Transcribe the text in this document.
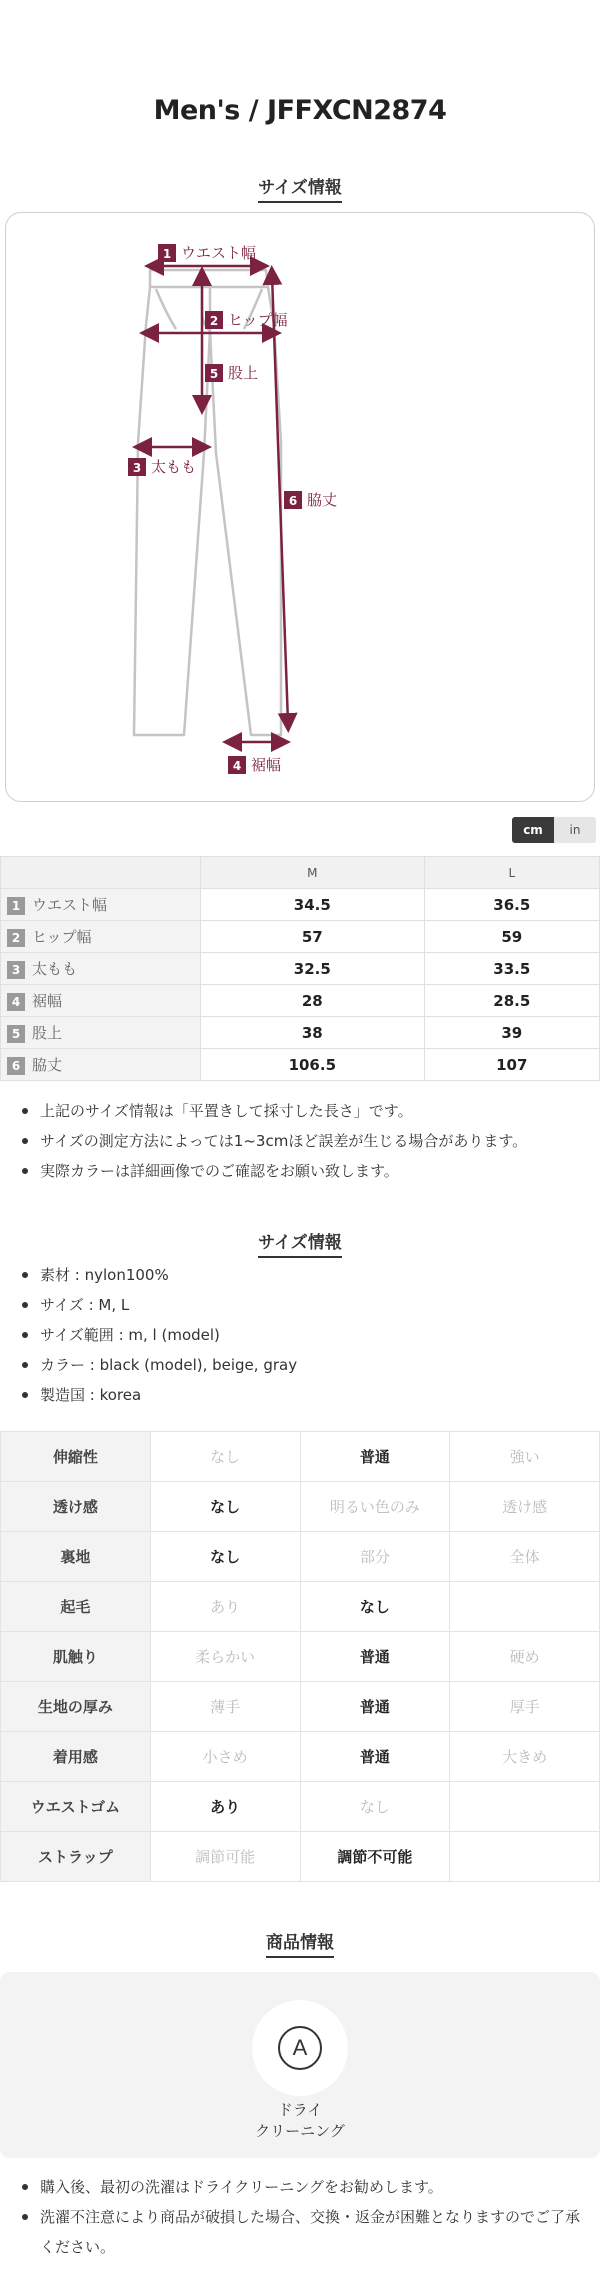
Men's / JFFXCN2874
サイズ情報
1 ウエスト幅
2 ヒップ幅
5 股上
3 太もも
6 脇丈
4 裾幅
cm	in
	M	L
1 ウエスト幅	34.5	36.5
2 ヒップ幅	57	59
3 太もも	32.5	33.5
4 裾幅	28	28.5
5 股上	38	39
6 脇丈	106.5	107
上記のサイズ情報は「平置きして採寸した長さ」です。
サイズの測定方法によっては1~3cmほど誤差が生じる場合があります。
実際カラーは詳細画像でのご確認をお願い致します。
サイズ情報
素材 : nylon100%
サイズ : M, L
サイズ範囲 : m, l (model)
カラー : black (model), beige, gray
製造国 : korea
伸縮性	なし	普通	強い
透け感	なし	明るい色のみ	透け感
裏地	なし	部分	全体
起毛	あり	なし	
肌触り	柔らかい	普通	硬め
生地の厚み	薄手	普通	厚手
着用感	小さめ	普通	大きめ
ウエストゴム	あり	なし	
ストラップ	調節可能	調節不可能	
商品情報
A
ドライ
クリーニング
購入後、最初の洗濯はドライクリーニングをお勧めします。
洗濯不注意により商品が破損した場合、交換・返金が困難となりますのでご了承ください。
